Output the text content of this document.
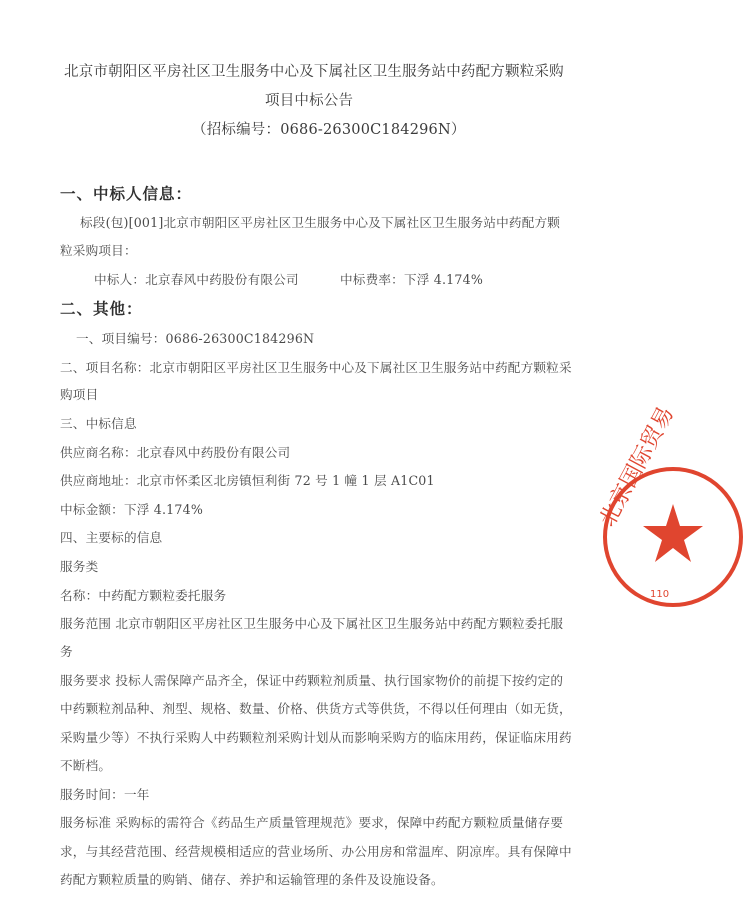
北京市朝阳区平房社区卫生服务中心及下属社区卫生服务站中药配方颗粒采购
项目中标公告
（招标编号：0686-26300C184296N）
一、中标人信息：
标段(包)[001]北京市朝阳区平房社区卫生服务中心及下属社区卫生服务站中药配方颗
粒采购项目：
中标人：北京春风中药股份有限公司	中标费率：下浮 4.174%
二、其他：
一、项目编号：0686-26300C184296N
二、项目名称：北京市朝阳区平房社区卫生服务中心及下属社区卫生服务站中药配方颗粒采
购项目
三、中标信息
供应商名称：北京春风中药股份有限公司
供应商地址：北京市怀柔区北房镇恒利街 72 号 1 幢 1 层 A1C01
中标金额：下浮 4.174%
四、主要标的信息
服务类
名称：中药配方颗粒委托服务
服务范围 北京市朝阳区平房社区卫生服务中心及下属社区卫生服务站中药配方颗粒委托服
务
服务要求 投标人需保障产品齐全，保证中药颗粒剂质量、执行国家物价的前提下按约定的
中药颗粒剂品种、剂型、规格、数量、价格、供货方式等供货，不得以任何理由（如无货，
采购量少等）不执行采购人中药颗粒剂采购计划从而影响采购方的临床用药，保证临床用药
不断档。
服务时间：一年
服务标准 采购标的需符合《药品生产质量管理规范》要求，保障中药配方颗粒质量储存要
求，与其经营范围、经营规模相适应的营业场所、办公用房和常温库、阴凉库。具有保障中
药配方颗粒质量的购销、储存、养护和运输管理的条件及设施设备。
北京国际贸易
110
